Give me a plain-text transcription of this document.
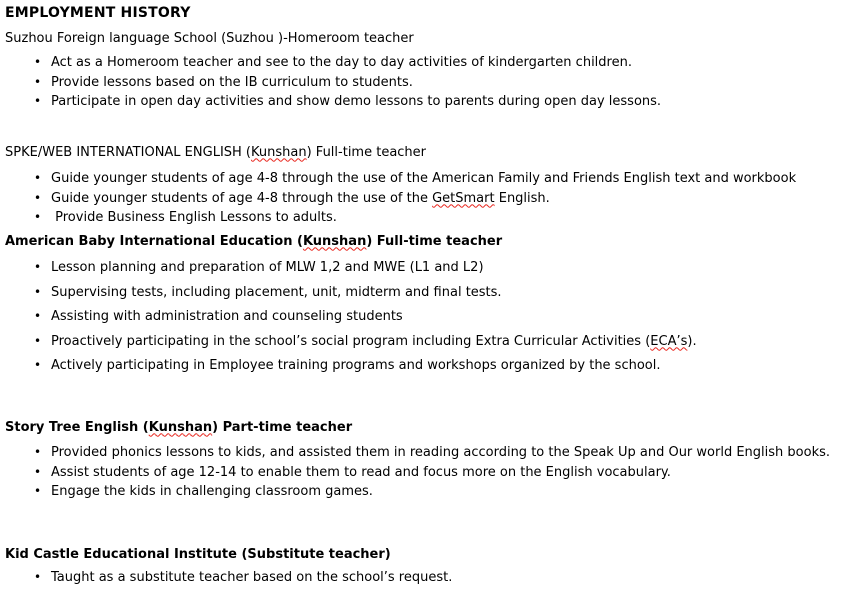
EMPLOYMENT HISTORY

Suzhou Foreign language School (Suzhou )-Homeroom teacher

• Act as a Homeroom teacher and see to the day to day activities of kindergarten children.
• Provide lessons based on the IB curriculum to students.
• Participate in open day activities and show demo lessons to parents during open day lessons.

SPKE/WEB INTERNATIONAL ENGLISH (Kunshan) Full-time teacher

• Guide younger students of age 4-8 through the use of the American Family and Friends English text and workbook
• Guide younger students of age 4-8 through the use of the GetSmart English.
• Provide Business English Lessons to adults.

American Baby International Education (Kunshan) Full-time teacher

• Lesson planning and preparation of MLW 1,2 and MWE (L1 and L2)
• Supervising tests, including placement, unit, midterm and final tests.
• Assisting with administration and counseling students
• Proactively participating in the school’s social program including Extra Curricular Activities (ECA’s).
• Actively participating in Employee training programs and workshops organized by the school.

Story Tree English (Kunshan) Part-time teacher

• Provided phonics lessons to kids, and assisted them in reading according to the Speak Up and Our world English books.
• Assist students of age 12-14 to enable them to read and focus more on the English vocabulary.
• Engage the kids in challenging classroom games.

Kid Castle Educational Institute (Substitute teacher)

• Taught as a substitute teacher based on the school’s request.
